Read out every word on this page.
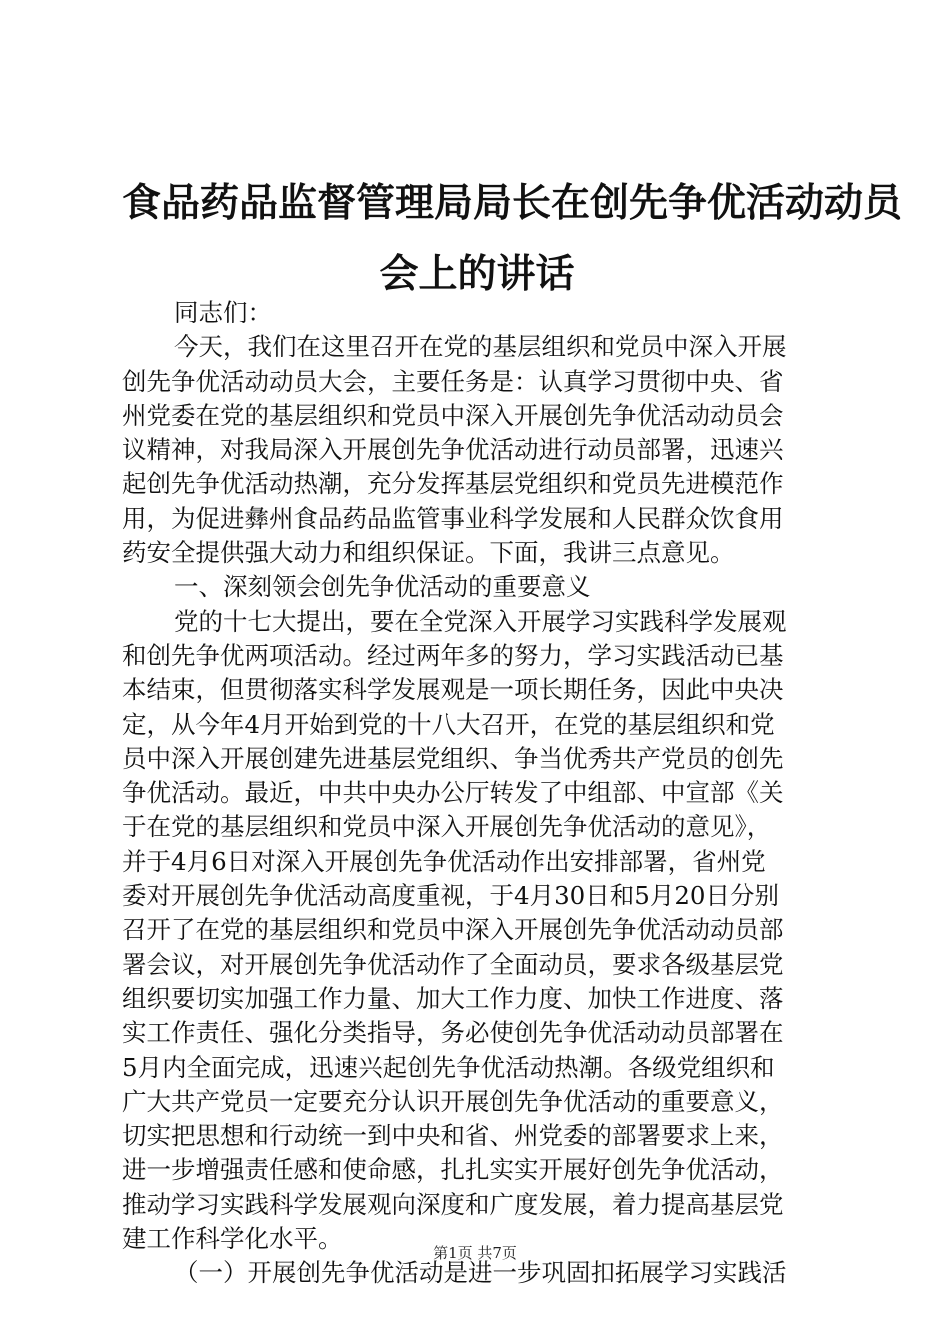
食品药品监督管理局局长在创先争优活动动员
会上的讲话
同志们：
今天，我们在这里召开在党的基层组织和党员中深入开展
创先争优活动动员大会，主要任务是：认真学习贯彻中央、省
州党委在党的基层组织和党员中深入开展创先争优活动动员会
议精神，对我局深入开展创先争优活动进行动员部署，迅速兴
起创先争优活动热潮，充分发挥基层党组织和党员先进模范作
用，为促进彝州食品药品监管事业科学发展和人民群众饮食用
药安全提供强大动力和组织保证。下面，我讲三点意见。
一、深刻领会创先争优活动的重要意义
党的十七大提出，要在全党深入开展学习实践科学发展观
和创先争优两项活动。经过两年多的努力，学习实践活动已基
本结束，但贯彻落实科学发展观是一项长期任务，因此中央决
定，从今年4月开始到党的十八大召开，在党的基层组织和党
员中深入开展创建先进基层党组织、争当优秀共产党员的创先
争优活动。最近，中共中央办公厅转发了中组部、中宣部《关
于在党的基层组织和党员中深入开展创先争优活动的意见》，
并于4月6日对深入开展创先争优活动作出安排部署，省州党
委对开展创先争优活动高度重视，于4月30日和5月20日分别
召开了在党的基层组织和党员中深入开展创先争优活动动员部
署会议，对开展创先争优活动作了全面动员，要求各级基层党
组织要切实加强工作力量、加大工作力度、加快工作进度、落
实工作责任、强化分类指导，务必使创先争优活动动员部署在
5月内全面完成，迅速兴起创先争优活动热潮。各级党组织和
广大共产党员一定要充分认识开展创先争优活动的重要意义，
切实把思想和行动统一到中央和省、州党委的部署要求上来，
进一步增强责任感和使命感，扎扎实实开展好创先争优活动，
推动学习实践科学发展观向深度和广度发展，着力提高基层党
建工作科学化水平。
（一）开展创先争优活动是进一步巩固扣拓展学习实践活
第1页 共7页
